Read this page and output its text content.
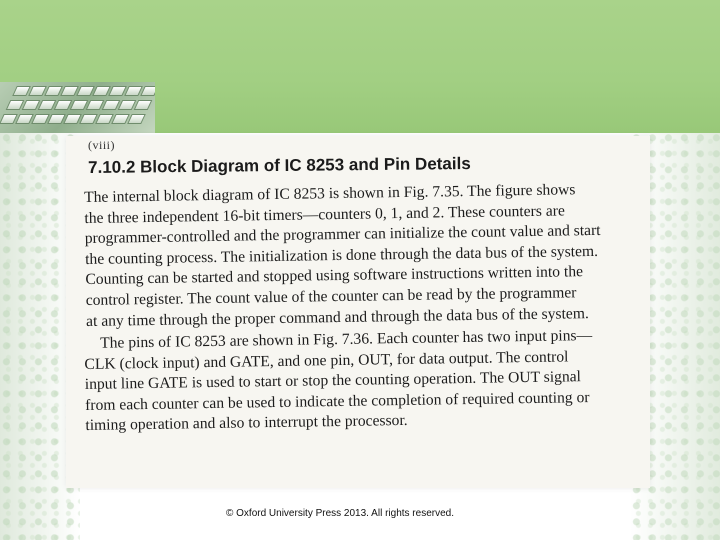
(viii)
7.10.2 Block Diagram of IC 8253 and Pin Details

The internal block diagram of IC 8253 is shown in Fig. 7.35. The figure shows
the three independent 16-bit timers—counters 0, 1, and 2. These counters are
programmer-controlled and the programmer can initialize the count value and start
the counting process. The initialization is done through the data bus of the system.
Counting can be started and stopped using software instructions written into the
control register. The count value of the counter can be read by the programmer
at any time through the proper command and through the data bus of the system.

The pins of IC 8253 are shown in Fig. 7.36. Each counter has two input pins—
CLK (clock input) and GATE, and one pin, OUT, for data output. The control
input line GATE is used to start or stop the counting operation. The OUT signal
from each counter can be used to indicate the completion of required counting or
timing operation and also to interrupt the processor.

© Oxford University Press 2013. All rights reserved.
